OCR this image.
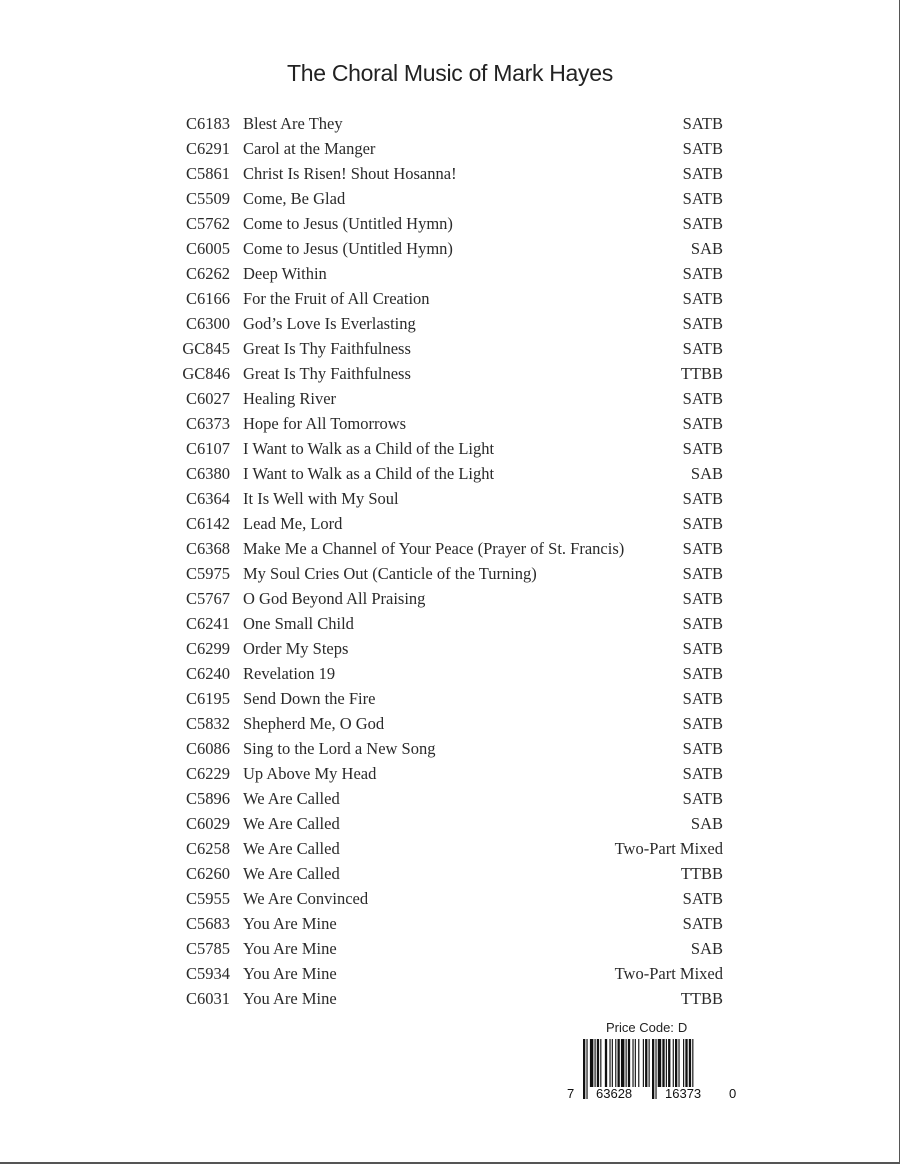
The Choral Music of Mark Hayes
C6183 Blest Are They	SATB
C6291 Carol at the Manger	SATB
C5861 Christ Is Risen! Shout Hosanna!	SATB
C5509 Come, Be Glad	SATB
C5762 Come to Jesus (Untitled Hymn)	SATB
C6005 Come to Jesus (Untitled Hymn)	SAB
C6262 Deep Within	SATB
C6166 For the Fruit of All Creation	SATB
C6300 God’s Love Is Everlasting	SATB
GC845 Great Is Thy Faithfulness	SATB
GC846 Great Is Thy Faithfulness	TTBB
C6027 Healing River	SATB
C6373 Hope for All Tomorrows	SATB
C6107 I Want to Walk as a Child of the Light	SATB
C6380 I Want to Walk as a Child of the Light	SAB
C6364 It Is Well with My Soul	SATB
C6142 Lead Me, Lord	SATB
C6368 Make Me a Channel of Your Peace (Prayer of St. Francis)	SATB
C5975 My Soul Cries Out (Canticle of the Turning)	SATB
C5767 O God Beyond All Praising	SATB
C6241 One Small Child	SATB
C6299 Order My Steps	SATB
C6240 Revelation 19	SATB
C6195 Send Down the Fire	SATB
C5832 Shepherd Me, O God	SATB
C6086 Sing to the Lord a New Song	SATB
C6229 Up Above My Head	SATB
C5896 We Are Called	SATB
C6029 We Are Called	SAB
C6258 We Are Called	Two-Part Mixed
C6260 We Are Called	TTBB
C5955 We Are Convinced	SATB
C5683 You Are Mine	SATB
C5785 You Are Mine	SAB
C5934 You Are Mine	Two-Part Mixed
C6031 You Are Mine	TTBB
Price Code: D
7 63628	16373 0
